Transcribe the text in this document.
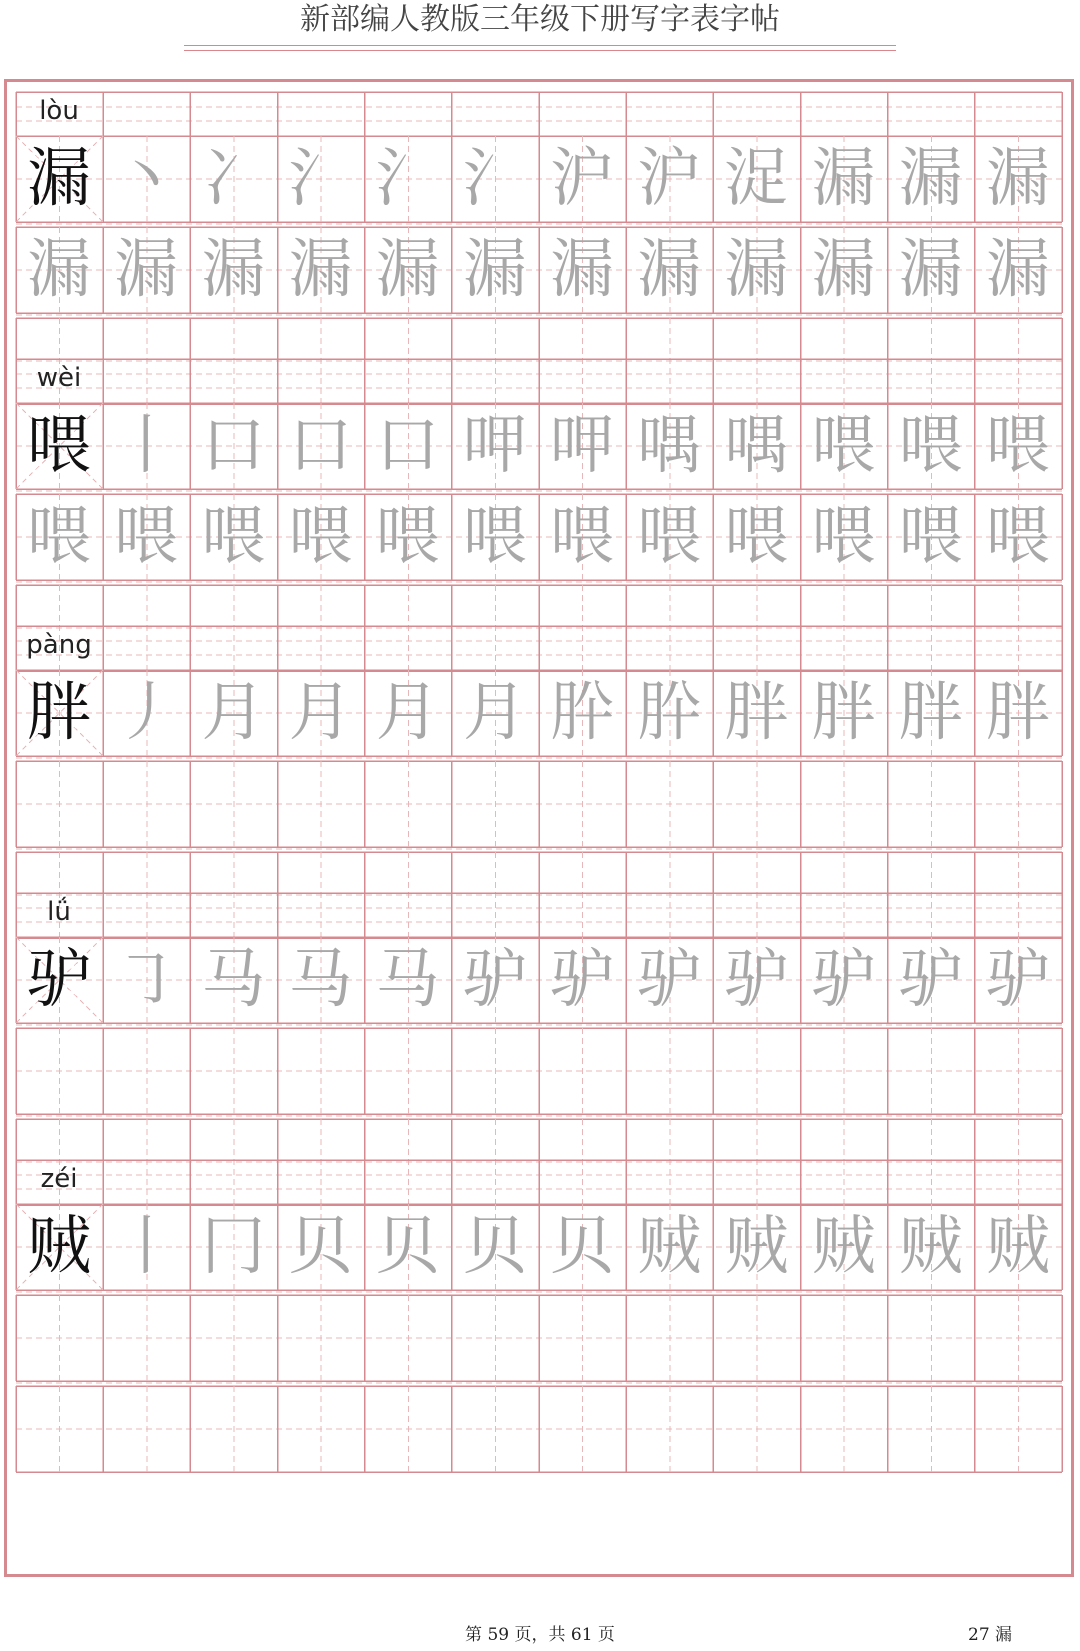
新部编人教版三年级下册写字表字帖
lòu
漏 丶 冫 氵 氵 氵 沪 沪 浞 漏 漏 漏
漏 漏 漏 漏 漏 漏 漏 漏 漏 漏 漏 漏
wèi
喂 丨 口 口 口 呷 呷 喁 喁 喂 喂 喂
喂 喂 喂 喂 喂 喂 喂 喂 喂 喂 喂 喂
pàng
胖 丿 月 月 月 月 肸 肸 胖 胖 胖 胖
lǘ
驴 ㇆ 马 马 马 驴 驴 驴 驴 驴 驴 驴
zéi
贼 丨 冂 贝 贝 贝 贝 贼 贼 贼 贼 贼
第 59 页，共 61 页	27 漏
